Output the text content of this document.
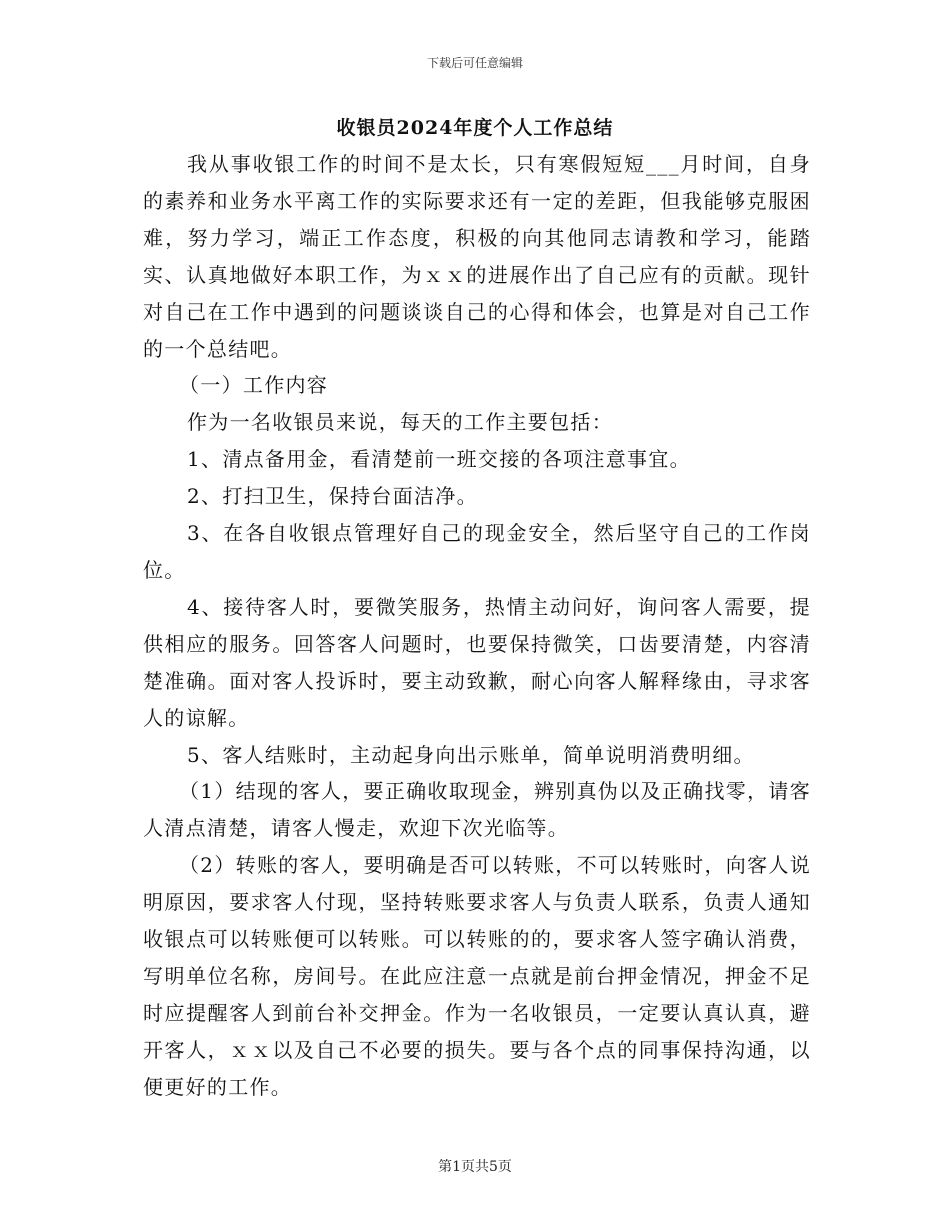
下载后可任意编辑
收银员2024年度个人工作总结

我从事收银工作的时间不是太长，只有寒假短短___月时间，自身的素养和业务水平离工作的实际要求还有一定的差距，但我能够克服困难，努力学习，端正工作态度，积极的向其他同志请教和学习，能踏实、认真地做好本职工作，为ｘｘ的进展作出了自己应有的贡献。现针对自己在工作中遇到的问题谈谈自己的心得和体会，也算是对自己工作的一个总结吧。

（一）工作内容

作为一名收银员来说，每天的工作主要包括：

1、清点备用金，看清楚前一班交接的各项注意事宜。

2、打扫卫生，保持台面洁净。

3、在各自收银点管理好自己的现金安全，然后坚守自己的工作岗位。

4、接待客人时，要微笑服务，热情主动问好，询问客人需要，提供相应的服务。回答客人问题时，也要保持微笑，口齿要清楚，内容清楚准确。面对客人投诉时，要主动致歉，耐心向客人解释缘由，寻求客人的谅解。

5、客人结账时，主动起身向出示账单，简单说明消费明细。

（1）结现的客人，要正确收取现金，辨别真伪以及正确找零，请客人清点清楚，请客人慢走，欢迎下次光临等。

（2）转账的客人，要明确是否可以转账，不可以转账时，向客人说明原因，要求客人付现，坚持转账要求客人与负责人联系，负责人通知收银点可以转账便可以转账。可以转账的的，要求客人签字确认消费，写明单位名称，房间号。在此应注意一点就是前台押金情况，押金不足时应提醒客人到前台补交押金。作为一名收银员，一定要认真认真，避开客人，ｘｘ以及自己不必要的损失。要与各个点的同事保持沟通，以便更好的工作。

第1页共5页
